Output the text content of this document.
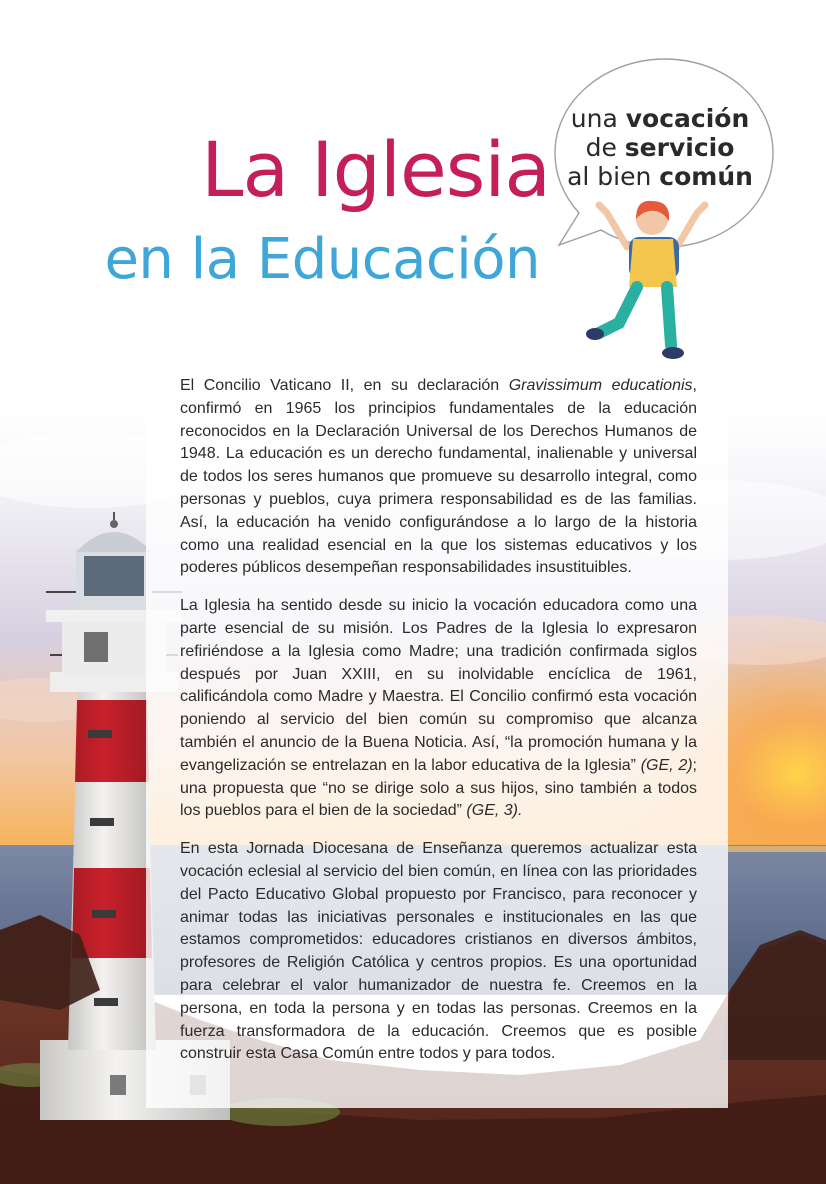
una vocación
de servicio
al bien común
La Iglesia
en la Educación

El Concilio Vaticano II, en su declaración Gravissimum educationis, confirmó en 1965 los principios fundamentales de la educación reconocidos en la Declaración Universal de los Derechos Humanos de 1948. La educación es un derecho fundamental, inalienable y universal de todos los seres humanos que promueve su desarrollo integral, como personas y pueblos, cuya primera responsabilidad es de las familias. Así, la educación ha venido configurándose a lo largo de la historia como una realidad esencial en la que los sistemas educativos y los poderes públicos desempeñan responsabilidades insustituibles.

La Iglesia ha sentido desde su inicio la vocación educadora como una parte esencial de su misión. Los Padres de la Iglesia lo expresaron refiriéndose a la Iglesia como Madre; una tradición confirmada siglos después por Juan XXIII, en su inolvidable encíclica de 1961, calificándola como Madre y Maestra. El Concilio confirmó esta vocación poniendo al servicio del bien común su compromiso que alcanza también el anuncio de la Buena Noticia. Así, “la promoción humana y la evangelización se entrelazan en la labor educativa de la Iglesia” (GE, 2); una propuesta que “no se dirige solo a sus hijos, sino también a todos los pueblos para el bien de la sociedad” (GE, 3).

En esta Jornada Diocesana de Enseñanza queremos actualizar esta vocación eclesial al servicio del bien común, en línea con las prioridades del Pacto Educativo Global propuesto por Francisco, para reconocer y animar todas las iniciativas personales e institucionales en las que estamos comprometidos: educadores cristianos en diversos ámbitos, profesores de Religión Católica y centros propios. Es una oportunidad para celebrar el valor humanizador de nuestra fe. Creemos en la persona, en toda la persona y en todas las personas. Creemos en la fuerza transformadora de la educación. Creemos que es posible construir esta Casa Común entre todos y para todos.
